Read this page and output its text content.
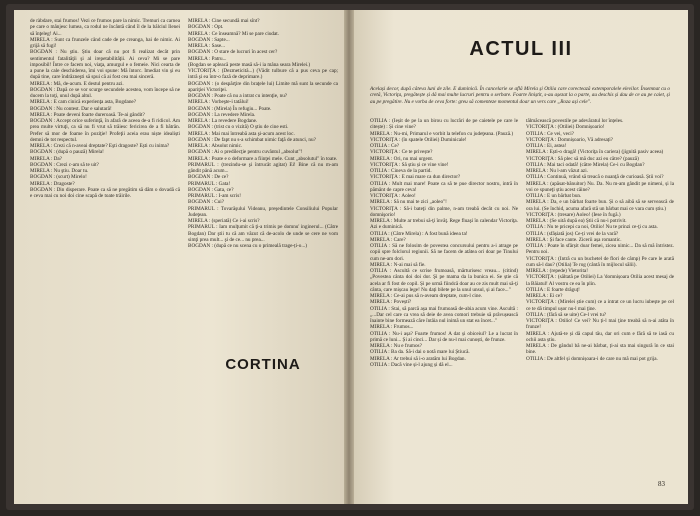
de ràbdare, stai frumos! Vezi ce frumos pare la nimic. Tremuri ca carnea pe care o mânjesc lumea, ca rodul ne încântă când îl de la bâlciul Ilenei să înţeleg! Ai...

MIRELA : Sunt ca frunzele când cade de pe creanga, hai de nimic. Ai grijă să fugi!

BOGDAN : Nu ştiu. Știu doar că nu pot fi realizat decât prin sentimentul fatalităţii şi al irepetabilităţii. Ai ceva? Mi se pare imposibil! Între ce facem noi, viaţa, amurgul e o femeie. Nici cearta de a pune la cale deschiderea, îmi voi spune: Mă întorc. Imediat vin şi eu după tine, care îndrăzneşti să spui că ai fost cea mai sinceră.

MIRELA : Mă, de-acum. E destul pentru azi.

BOGDAN : Dapă ce se vor scurge secundele acestea, vom începe să ne ducem la toţi, unul după altul.

MIRELA : E cam cinică experienţa asta, Bogdane?

BOGDAN : Nu contest. Dar e salutară!

MIRELA : Poate deveni foarte dureroasă. Te-ai gândit?

BOGDAN : Accept orice suferinţă, în afară de aceea de-a fi ridicol. Am prea multe virtuţi, ca să nu fi vrut să trăiesc fericirea de a fi bătrân. Prefer să mor de foame în poziţie! Profeţii aceia erau niște idealiști demni de tot respectul.

MIRELA : Crezi că n-aveai dreptate? Eşti dragoste? Ești cu inima?

BOGDAN : (după o pauză) Mirela!

MIRELA : Da?

BOGDAN : Crezi c-am să te uit?

MIRELA : Nu ştiu. Doar tu.

BOGDAN : (scurt) Mirelo!

MIRELA : Dragoste?

BOGDAN : Din disperare. Poate ca să ne pregătim să dăm o dovadă că e ceva mai cu noi doi cine scapă de toate trăirile.

MIRELA : Cine secundă mai sînt?

BOGDAN : Opt.

MIRELA : Ce înseamnă? Mi se pare ciudat.

BOGDAN : Sapte...

MIRELA : Sase...

BOGDAN : O stare de lucruri în acest cer?

MIRELA : Patru...

(Bogdan se apleacă peste masă să-i ia mâna seara Mirelei.)

VICTORIȚA : (Dezmeticită...) (Vădit tulbure că a pus ceva pe cap; intră şi ea într-o fază de deprimare.)

BOGDAN : (o despărţire din braţele lui) Limite mă sunt la secunde ca apariţiei Victoriţei.

BOGDAN : Poate că nu a intrat cu intenţie, nu?

MIRELA : Vorbeşte-i tatălui!

BOGDAN : (Mirela) În refugiu... Poate.

BOGDAN : La revedere Mirela.

MIRELA : La revedere Bogdane.

BOGDAN : (trist cu o vizită) O ştiu de cine esti.

MIRELA : Mai mai întreabă asta şi-acum acest loc.

BOGDAN : De fapt nu s-a schimbat nimic faţă de atunci, nu?

MIRELA : Absolut nimic.

BOGDAN : Ai o predilecţie pentru cuvântul „absolut"!

MIRELA : Poate e o deformare a fiinţei mele. Cunt „absolutul" în toate.

PRIMARUL : (trezindu-se şi întrucât agitat) Ei! Bine că nu m-am gândit până acum...

BOGDAN : De ce?

PRIMARUL : Gata!

BOGDAN : Gata, ce?

PRIMARUL : I-am scris!

BOGDAN : Cui?

PRIMARUL : Tovarăşului Videanu, preşedintele Consiliului Popular Judeţean.

MIRELA : (speriată) Ce i-ai scris?

PRIMARUL : Iam mulţumit că ţi-a trimis pe domnu' inginerul... (Către Bogdan) Dar ştii tu că am văzut că de-acolo de unde se cere ne vom simţi prea mult... şi de ce... nu prea...

BOGDAN : (după ce nu scena cu o primeală trage-ți-o...)

CORTINA
ACTUL III
Același decor, după câteva luni de zile. E duminică. În cancelarie se află Mirela și Otilia care corectează extemporalele elevilor. Însemnat cu o cretă, Victoriţa, pregătește și dă mai multe lucruri pentru o serbare. Foarte liniștit, s-au așezat la o parte, au deschis și dau de ce au pe caiet, și au pe pregătire. Nu e vorba de ceva forte: greu să comenteze momentul doar un vers care „Roza ași cele".

OTILIA : (Ieșit de pe la un birou cu lucrări de pe caietele pe care le citește) : Și cine vine?

MIRELA : Nu-mi, Primarul e vorbit la telefon cu judeţeana. (Pauză.)

VICTORIŢA : (în spatele Otiliei) Duminicale!

OTILIA : Ce?

VICTORIŢA : Ce te privește?

MIRELA : Ori, nu mai urgent.

VICTORIŢA : Să știu și ce vine vine!

OTILIA : Cineva de la partid.

VICTORIŢA : E mai mare ca dun director?

OTILIA : Mult mai mare! Poate ca să te pue director nostru, intră în pământ de capre ceva!

VICTORIŢA : Aoleo!

MIRELA : Să nu mai te zici „aoleo"!

VICTORIŢA : Să-i bateţi din palme, n-am treabă decât cu noi. Ne domnişorio!

MIRELA : Multe ar trebui să-ţi învăţ. Rege fluaşi în calendar Victoriţa. Azi e duminică.

OTILIA : (Către Mirela) : A fost bună ideea ta!

MIRELA : Care?

OTILIA : Să ne folosim de povestea concursului pentru a-i atrage pe copii spre folclorul regiunii. Să ne facem de atâtea ori doar pe Tinului cum ne-am dori.

MIRELA : N-ai mai să fie.

OTILIA : Ascultă ce scrise frumoasă, mărturisesc vreau... (citind) „Povestea cânta doi doi dor. Şi pe mama da la bunica ei. Se știe că acela ar fi fost de copil. Și pe urmă fiindcă doar au ce zis mult mai să-ţi cânta, care mișcau lege! Nu dați bilete pe la unul unsul, și ai face..."

MIRELA : Ce-ai pus să n-aveam dreptate, cum-l cine.

MIRELA : Povești?

OTILIA : Stai, să parcă așa mai frumoasă de-abia acum vine. Ascultă : „...Dar cel care ca vrea să deie de avea comori trebuie să prăvușească înainte bine formează căre întâia nul inimă un stat ea încet..."

MIRELA : Frumos...

OTILIA : Nu-i așa? Foarte frumos! A dat și obiceiul? Le a lucrat în primă ce luni... Și ai cinci... Dar și de nu-l mai cunoști, de frunze.

MIRELA : Nu e frumos?

OTILIA : Ba da. Să-i dai o notă mare lui Știucă.

MIRELA : Ar trebui să i-o aratăm lui Bogdan.

OTILIA : Dacă vine și-l ajung și dă el...

tălmăcească povestile pe adevăratul lor înțeles.

VICTORIŢA : (Otiliei) Domnișoario!

OTILIA : Ce vei, veci?

VICTORIŢA : Domnișoario, Vă adresați?

OTILIA : Ei, astea!

MIRELA : Ești-o dragă! (Victoriţa în cariera) (jignită pasiv aceea)

VICTORIŢA : Să plec să mă duc azi eu către? (pauză)

OTILIA : Mai taci odată! (către Mirela) Ce-i cu Bogdan?

MIRELA : Nu l-am văzut azi.

OTILIA : Continuă, vrând să treacă o nuanţă de curioasă. Știi voi?

MIRELA : (apăsat-bănuitor) Nu. Da. Nu m-am gândit pe nimeni, și la voi ce spuneţi știu acest căine?

OTILIA : E un bărbat bun.

MIRELA : Da, e un bărbat foarte bun. Și o să aibă să se servească de ora lui. (Se închid, acuma afară stă un bărbat mai ce vara cum știu.)

VICTORIŢA : (tresare) Aoleo! (Iese în fugă.)

MIRELA : (Se uită după ea) Știi că nu-i potrivit.

OTILIA : Nu te pricepi ca noi, Otilio! Nu te prinzi ce-ţi cu asta.

OTILIA : (sfâșiată jos) Ce-ți vrei de la vară?

MIRELA : Și face cante. Zicerii așa romantic.

OTILIA : Poate în sfârșit doar femei, zicea nimic... Da să mă întristez. Pentru noi.

VICTORIŢA : (Intră cu un buchetel de flori de câmp) Pe care le arată cum să-l dau? (Otilia) Te rog (cântă în mijlocul sălii).

MIRELA : (repede) Vietorita!

VICTORIŢA : (săltată pe Otiliei) La 'domnișoara Otilia acest mesaj de la Băiatul! Al vostru ce ea în plin.

OTILIA : E foarte drăguţ!

MIRELA : Ei ce?

VICTORIŢA : (Mirelei știe cum) ce a intrat ce un lucru iubește pe cel ce te dă timpul ușor nu-l mai ţine.

OTILIA : (fără să se uite) Ce-l vrei tu?

VICTORIŢA : Otilio! Ce vei? Nu ți-l mai ţine treabă să n-ai atâta în frunze!

MIRELA : Ajută-te și dă capul tău, dar ori cum e fără să te iasă cu ochii asta știu.

MIRELA : De gândul bă ne-ai bărbat, ți-ai sta mai singură în ce stai bine.

OTILIA : De altfel și domnișoara-i de care nu mă mai pot grija.

83
